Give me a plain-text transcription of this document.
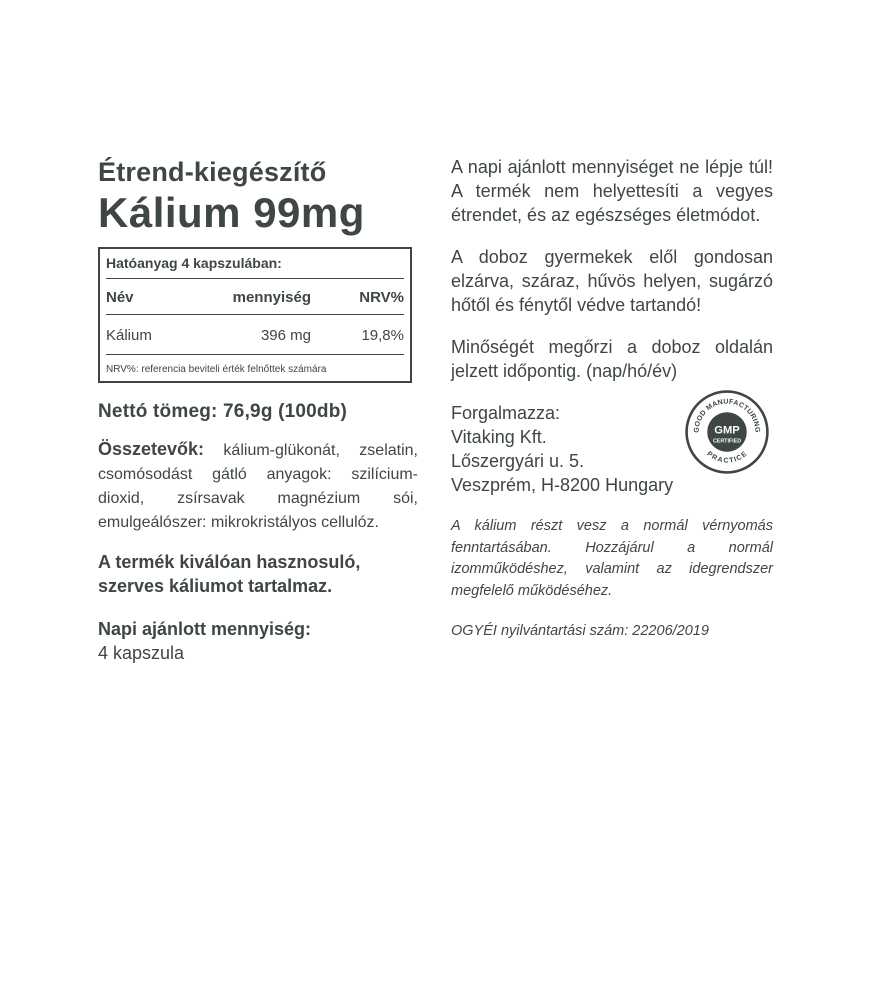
Étrend-kiegészítő

Kálium 99mg

Hatóanyag 4 kapszulában:
Név	mennyiség	NRV%
Kálium	396 mg	19,8%
NRV%: referencia beviteli érték felnőttek számára
Nettó tömeg: 76,9g (100db)

Összetevők: kálium-glükonát, zselatin, csomósodást gátló anyagok: szilícium-dioxid, zsírsavak magnézium sói, emulgeálószer: mikrokristályos cellulóz.

A termék kiválóan hasznosuló, szerves káliumot tartalmaz.

Napi ajánlott mennyiség:

4 kapszula

A napi ajánlott mennyiséget ne lépje túl! A termék nem helyettesíti a vegyes étrendet, és az egészséges életmódot.

A doboz gyermekek elől gondosan elzárva, száraz, hűvös helyen, sugárzó hőtől és fénytől védve tartandó!

Minőségét megőrzi a doboz oldalán jelzett időpontig. (nap/hó/év)

Forgalmazza:
Vitaking Kft.
Lőszergyári u. 5.
Veszprém, H-8200 Hungary
GOOD MANUFACTURING
PRACTICE
GMP
CERTIFIED

A kálium részt vesz a normál vérnyomás fenntartásában. Hozzájárul a normál izomműködéshez, valamint az idegrendszer megfelelő működéséhez.

OGYÉI nyilvántartási szám: 22206/2019
